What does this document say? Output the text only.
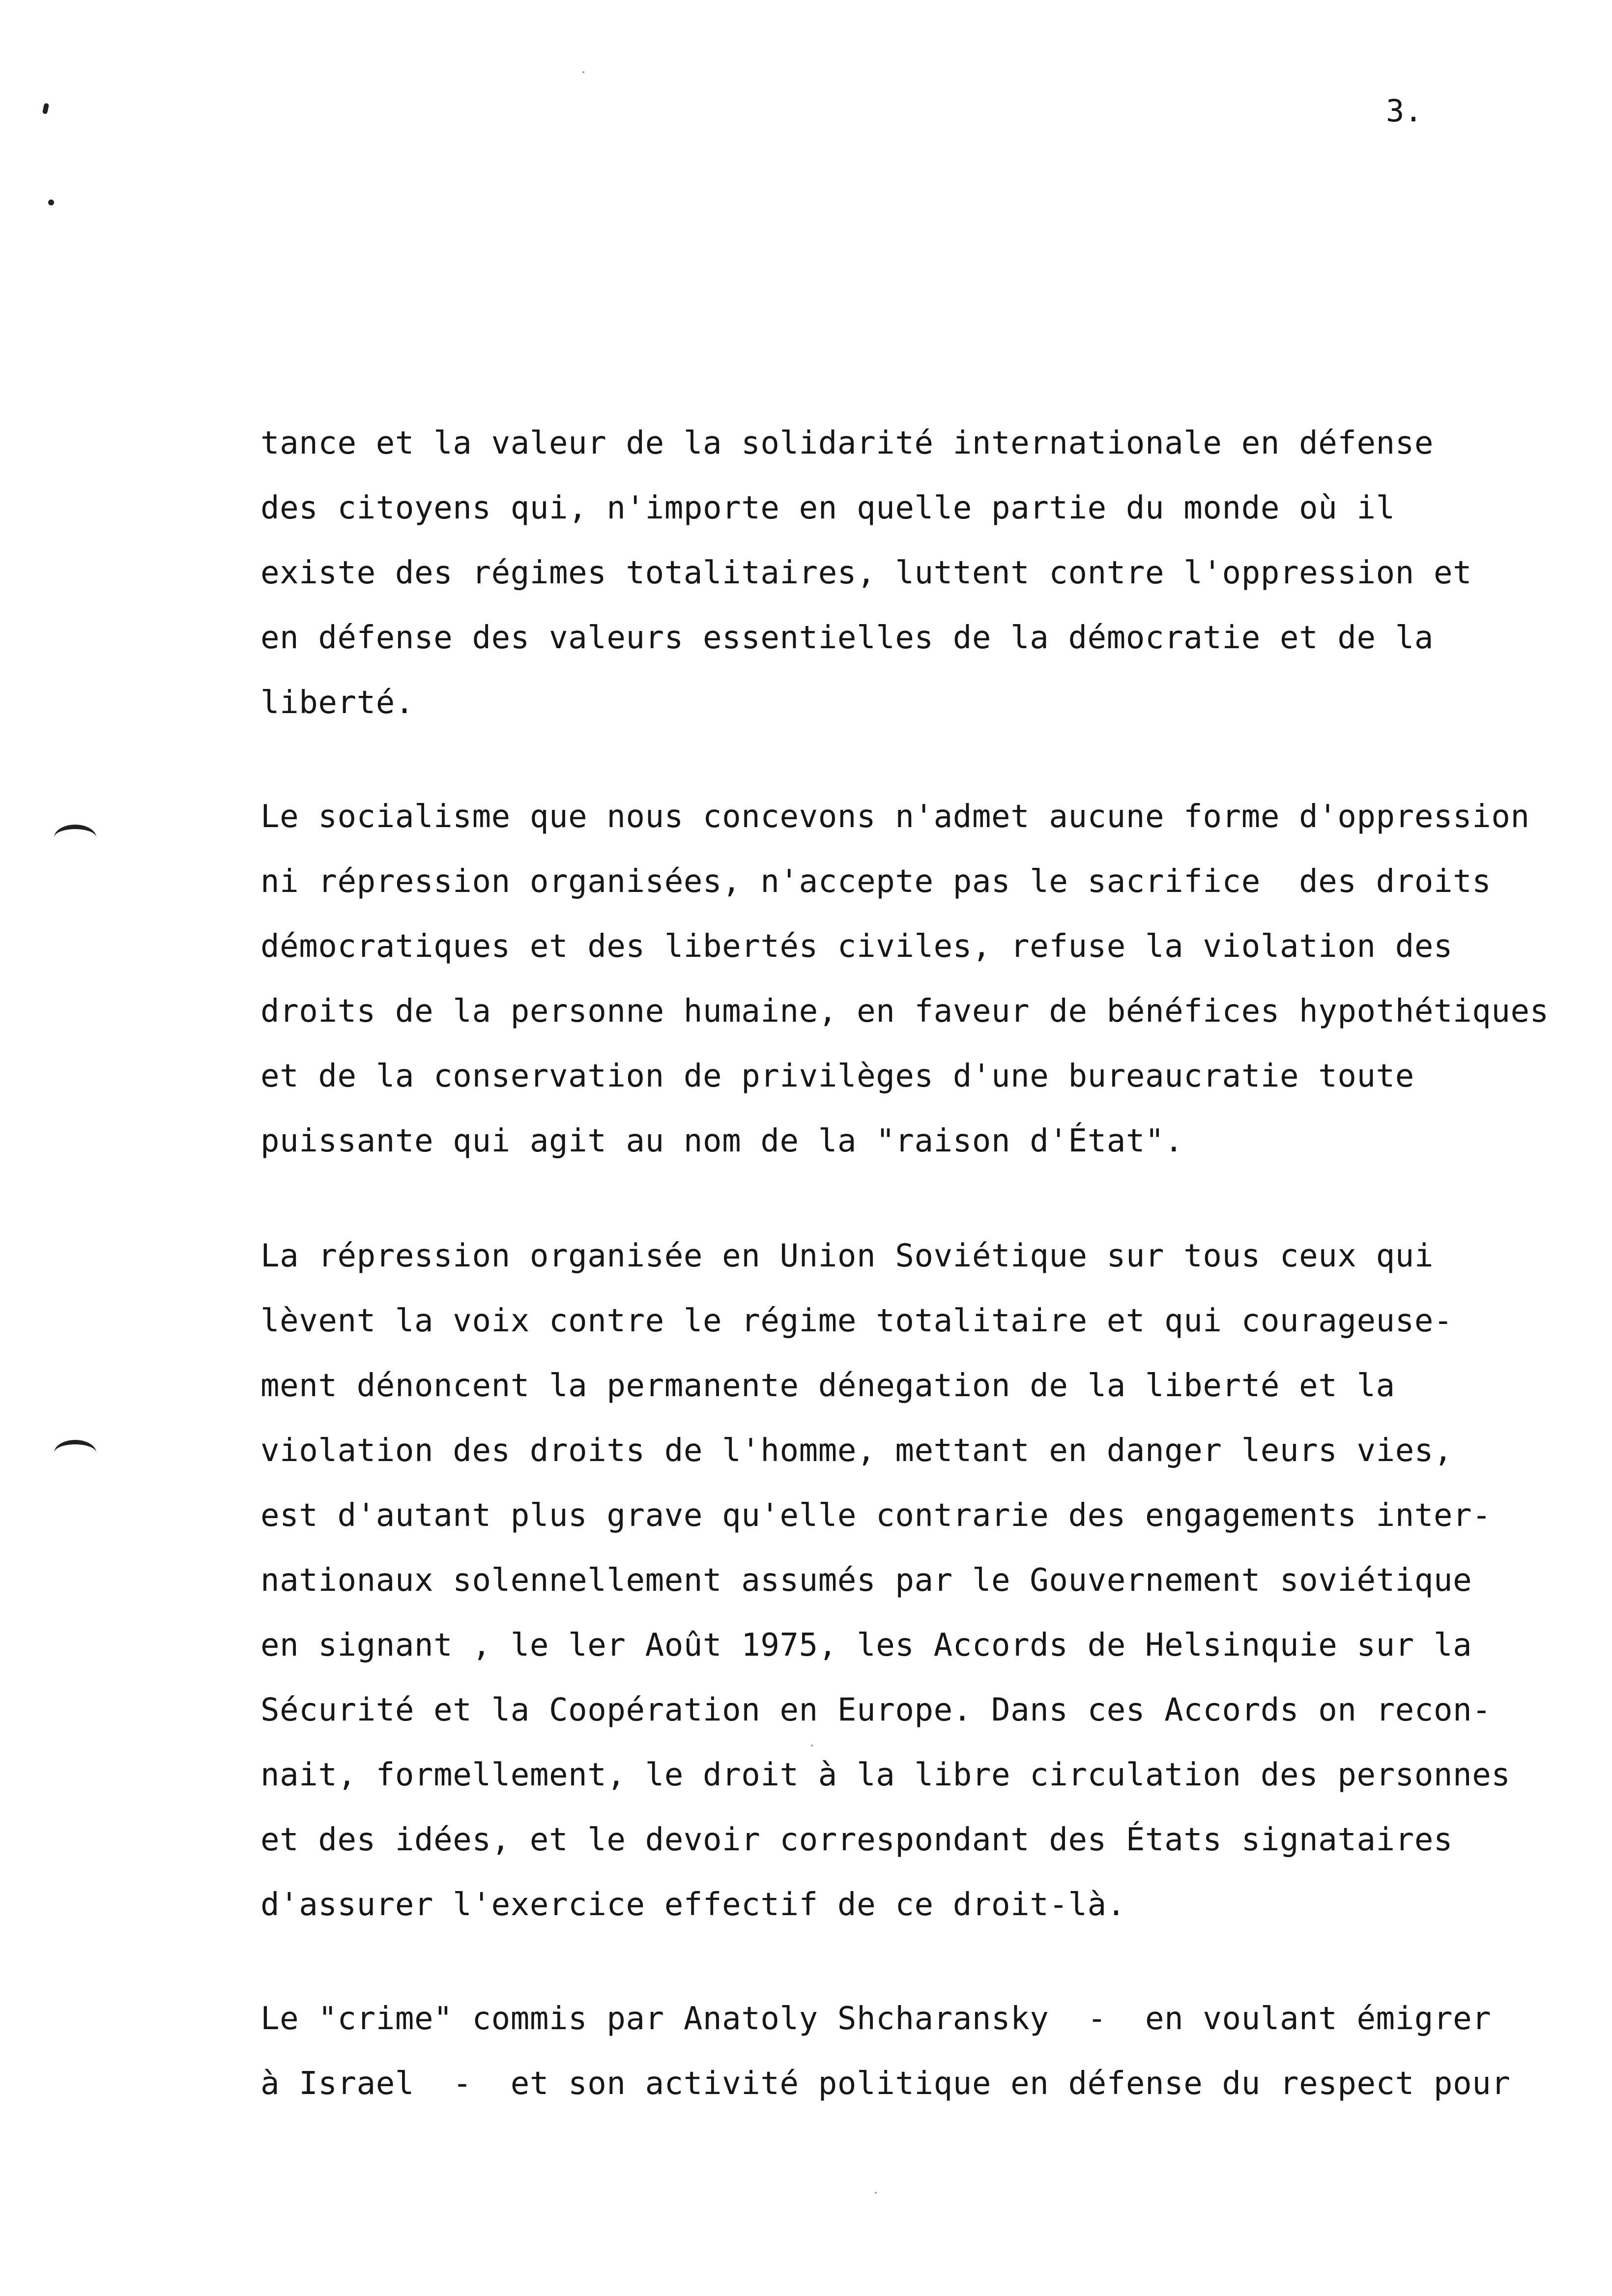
3.
tance et la valeur de la solidarité internationale en défense
des citoyens qui, n'importe en quelle partie du monde où il
existe des régimes totalitaires, luttent contre l'oppression et
en défense des valeurs essentielles de la démocratie et de la
liberté.
Le socialisme que nous concevons n'admet aucune forme d'oppression
ni répression organisées, n'accepte pas le sacrifice  des droits
démocratiques et des libertés civiles, refuse la violation des
droits de la personne humaine, en faveur de bénéfices hypothétiques
et de la conservation de privilèges d'une bureaucratie toute
puissante qui agit au nom de la "raison d'État".
La répression organisée en Union Soviétique sur tous ceux qui
lèvent la voix contre le régime totalitaire et qui courageuse-
ment dénoncent la permanente dénegation de la liberté et la
violation des droits de l'homme, mettant en danger leurs vies,
est d'autant plus grave qu'elle contrarie des engagements inter-
nationaux solennellement assumés par le Gouvernement soviétique
en signant , le ler Août 1975, les Accords de Helsinquie sur la
Sécurité et la Coopération en Europe. Dans ces Accords on recon-
nait, formellement, le droit à la libre circulation des personnes
et des idées, et le devoir correspondant des États signataires
d'assurer l'exercice effectif de ce droit-là.
Le "crime" commis par Anatoly Shcharansky  -  en voulant émigrer
à Israel  -  et son activité politique en défense du respect pour
